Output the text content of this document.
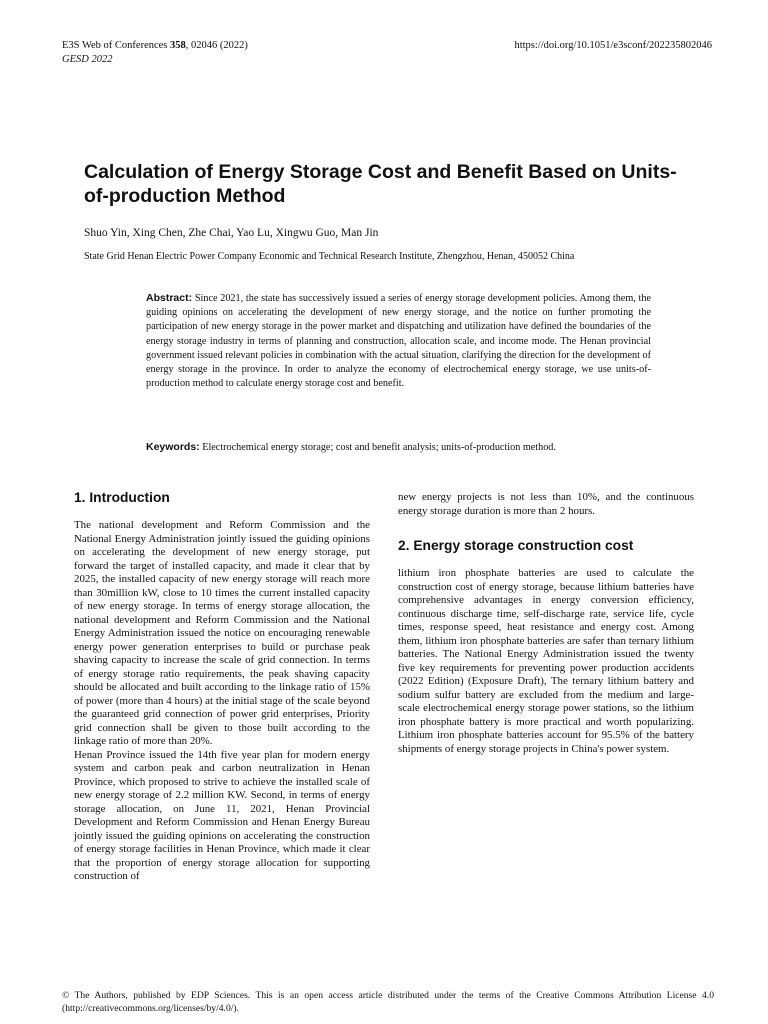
E3S Web of Conferences 358, 02046 (2022)
GESD 2022
https://doi.org/10.1051/e3sconf/202235802046
Calculation of Energy Storage Cost and Benefit Based on Units-of-production Method
Shuo Yin, Xing Chen, Zhe Chai, Yao Lu, Xingwu Guo, Man Jin
State Grid Henan Electric Power Company Economic and Technical Research Institute, Zhengzhou, Henan, 450052 China

Abstract: Since 2021, the state has successively issued a series of energy storage development policies. Among them, the guiding opinions on accelerating the development of new energy storage, and the notice on further promoting the participation of new energy storage in the power market and dispatching and utilization have defined the boundaries of the energy storage industry in terms of planning and construction, allocation scale, and income mode. The Henan provincial government issued relevant policies in combination with the actual situation, clarifying the direction for the development of energy storage in the province. In order to analyze the economy of electrochemical energy storage, we use units-of-production method to calculate energy storage cost and benefit.

Keywords: Electrochemical energy storage; cost and benefit analysis; units-of-production method.

1. Introduction

The national development and Reform Commission and the National Energy Administration jointly issued the guiding opinions on accelerating the development of new energy storage, put forward the target of installed capacity, and made it clear that by 2025, the installed capacity of new energy storage will reach more than 30million kW, close to 10 times the current installed capacity of new energy storage. In terms of energy storage allocation, the national development and Reform Commission and the National Energy Administration issued the notice on encouraging renewable energy power generation enterprises to build or purchase peak shaving capacity to increase the scale of grid connection. In terms of energy storage ratio requirements, the peak shaving capacity should be allocated and built according to the linkage ratio of 15% of power (more than 4 hours) at the initial stage of the scale beyond the guaranteed grid connection of power grid enterprises, Priority grid connection shall be given to those built according to the linkage ratio of more than 20%.

Henan Province issued the 14th five year plan for modern energy system and carbon peak and carbon neutralization in Henan Province, which proposed to strive to achieve the installed scale of new energy storage of 2.2 million KW. Second, in terms of energy storage allocation, on June 11, 2021, Henan Provincial Development and Reform Commission and Henan Energy Bureau jointly issued the guiding opinions on accelerating the construction of energy storage facilities in Henan Province, which made it clear that the proportion of energy storage allocation for supporting construction of

new energy projects is not less than 10%, and the continuous energy storage duration is more than 2 hours.

2. Energy storage construction cost

lithium iron phosphate batteries are used to calculate the construction cost of energy storage, because lithium batteries have comprehensive advantages in energy conversion efficiency, continuous discharge time, self-discharge rate, service life, cycle times, response speed, heat resistance and energy cost. Among them, lithium iron phosphate batteries are safer than ternary lithium batteries. The National Energy Administration issued the twenty five key requirements for preventing power production accidents (2022 Edition) (Exposure Draft), The ternary lithium battery and sodium sulfur battery are excluded from the medium and large-scale electrochemical energy storage power stations, so the lithium iron phosphate battery is more practical and worth popularizing. Lithium iron phosphate batteries account for 95.5% of the battery shipments of energy storage projects in China's power system.

© The Authors, published by EDP Sciences. This is an open access article distributed under the terms of the Creative Commons Attribution License 4.0 (http://creativecommons.org/licenses/by/4.0/).
